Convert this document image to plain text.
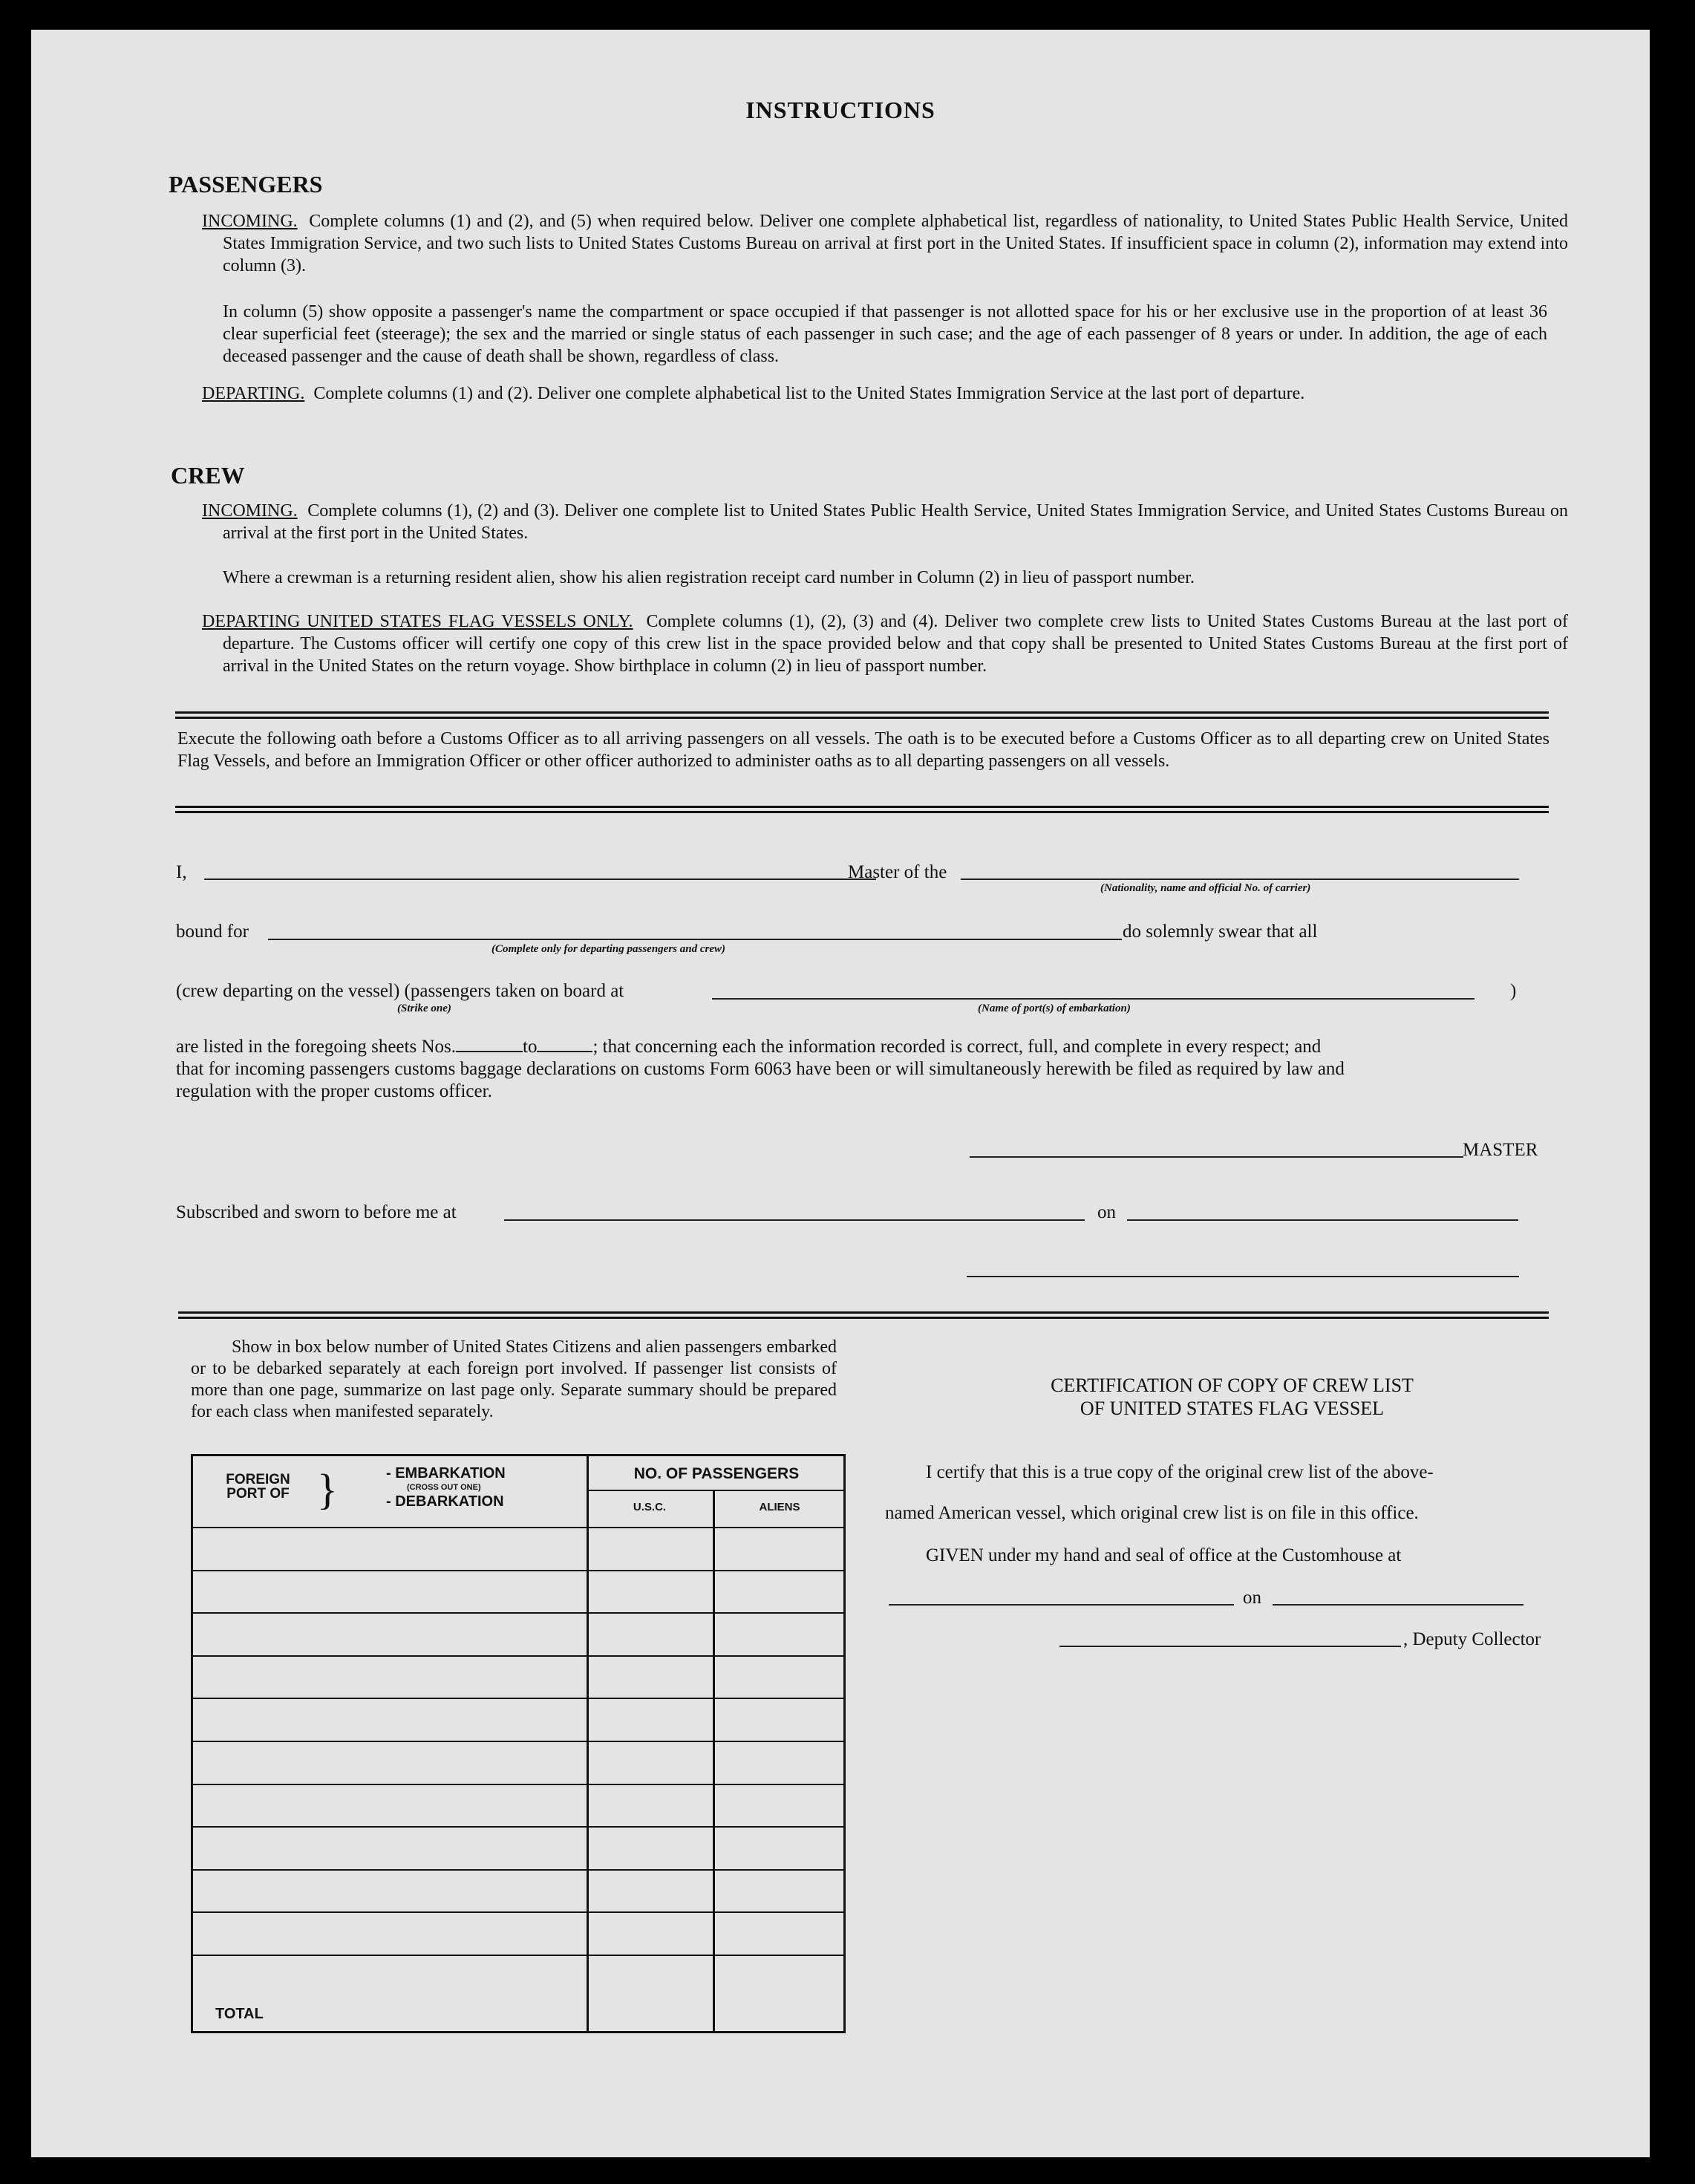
INSTRUCTIONS
PASSENGERS
INCOMING. Complete columns (1) and (2), and (5) when required below. Deliver one complete alphabetical list, regardless of nationality, to United States Public Health Service, United States Immigration Service, and two such lists to United States Customs Bureau on arrival at first port in the United States. If insufficient space in column (2), information may extend into column (3).
In column (5) show opposite a passenger's name the compartment or space occupied if that passenger is not allotted space for his or her exclusive use in the proportion of at least 36 clear superficial feet (steerage); the sex and the married or single status of each passenger in such case; and the age of each passenger of 8 years or under. In addition, the age of each deceased passenger and the cause of death shall be shown, regardless of class.
DEPARTING. Complete columns (1) and (2). Deliver one complete alphabetical list to the United States Immigration Service at the last port of departure.
CREW
INCOMING. Complete columns (1), (2) and (3). Deliver one complete list to United States Public Health Service, United States Immigration Service, and United States Customs Bureau on arrival at the first port in the United States.
Where a crewman is a returning resident alien, show his alien registration receipt card number in Column (2) in lieu of passport number.
DEPARTING UNITED STATES FLAG VESSELS ONLY. Complete columns (1), (2), (3) and (4). Deliver two complete crew lists to United States Customs Bureau at the last port of departure. The Customs officer will certify one copy of this crew list in the space provided below and that copy shall be presented to United States Customs Bureau at the first port of arrival in the United States on the return voyage. Show birthplace in column (2) in lieu of passport number.
Execute the following oath before a Customs Officer as to all arriving passengers on all vessels. The oath is to be executed before a Customs Officer as to all departing crew on United States Flag Vessels, and before an Immigration Officer or other officer authorized to administer oaths as to all departing passengers on all vessels.
I,	Master of the
(Nationality, name and official No. of carrier)
bound for	do solemnly swear that all
(Complete only for departing passengers and crew)
(crew departing on the vessel) (passengers taken on board at	)
(Strike one)	(Name of port(s) of embarkation)
are listed in the foregoing sheets Nos.	to	; that concerning each the information recorded is correct, full, and complete in every respect; and
that for incoming passengers customs baggage declarations on customs Form 6063 have been or will simultaneously herewith be filed as required by law and
regulation with the proper customs officer.
MASTER
Subscribed and sworn to before me at	on
Show in box below number of United States Citizens and alien passengers embarked or to be debarked separately at each foreign port involved. If passenger list consists of more than one page, summarize on last page only. Separate summary should be prepared for each class when manifested separately.
FOREIGN PORT OF }	- EMBARKATION
(CROSS OUT ONE)
- DEBARKATION
NO. OF PASSENGERS
U.S.C.	ALIENS
TOTAL
CERTIFICATION OF COPY OF CREW LIST
OF UNITED STATES FLAG VESSEL
I certify that this is a true copy of the original crew list of the above-
named American vessel, which original crew list is on file in this office.
GIVEN under my hand and seal of office at the Customhouse at
on
, Deputy Collector
